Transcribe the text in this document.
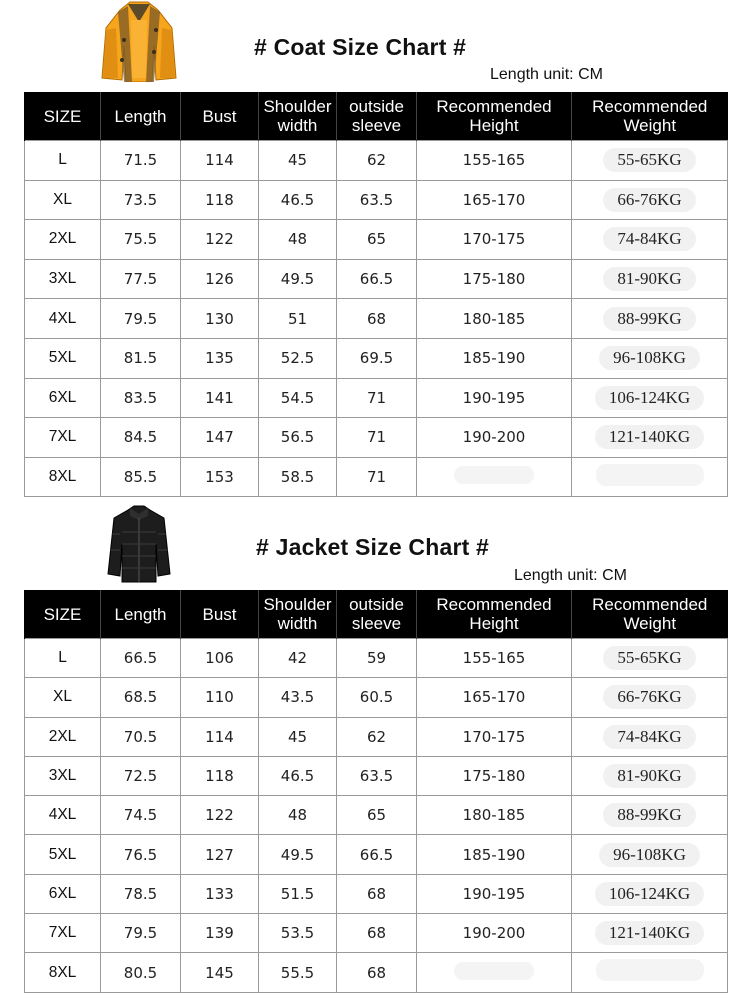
# Coat Size Chart #
Length unit: CM
SIZE	Length	Bust	Shoulder width	outside sleeve	Recommended Height	Recommended Weight
L	71.5	114	45	62	155-165	55-65KG
XL	73.5	118	46.5	63.5	165-170	66-76KG
2XL	75.5	122	48	65	170-175	74-84KG
3XL	77.5	126	49.5	66.5	175-180	81-90KG
4XL	79.5	130	51	68	180-185	88-99KG
5XL	81.5	135	52.5	69.5	185-190	96-108KG
6XL	83.5	141	54.5	71	190-195	106-124KG
7XL	84.5	147	56.5	71	190-200	121-140KG
8XL	85.5	153	58.5	71		
# Jacket Size Chart #
Length unit: CM
SIZE	Length	Bust	Shoulder width	outside sleeve	Recommended Height	Recommended Weight
L	66.5	106	42	59	155-165	55-65KG
XL	68.5	110	43.5	60.5	165-170	66-76KG
2XL	70.5	114	45	62	170-175	74-84KG
3XL	72.5	118	46.5	63.5	175-180	81-90KG
4XL	74.5	122	48	65	180-185	88-99KG
5XL	76.5	127	49.5	66.5	185-190	96-108KG
6XL	78.5	133	51.5	68	190-195	106-124KG
7XL	79.5	139	53.5	68	190-200	121-140KG
8XL	80.5	145	55.5	68		
